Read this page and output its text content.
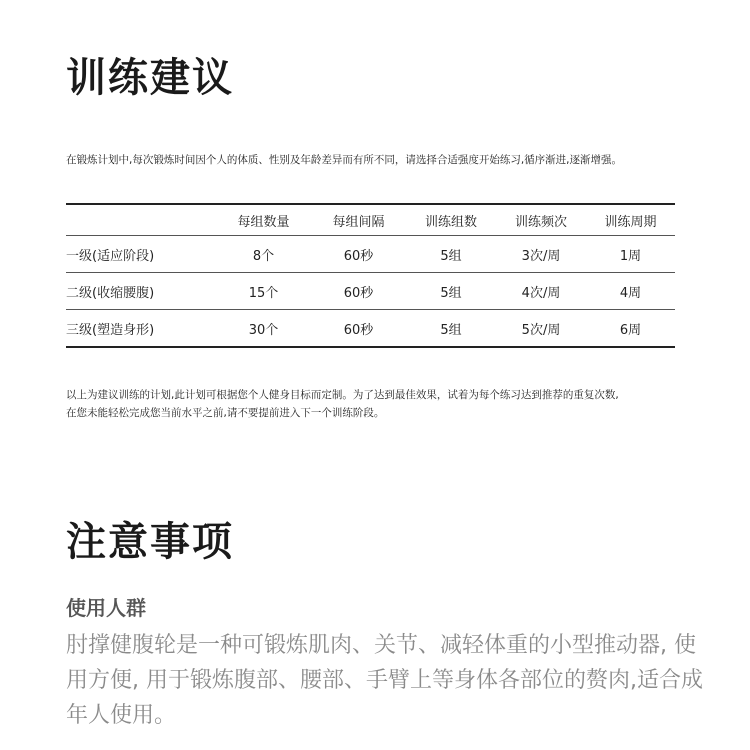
训练建议

在锻炼计划中,每次锻炼时间因个人的体质、性别及年龄差异而有所不同，请选择合适强度开始练习,循序渐进,逐渐增强。

	每组数量	每组间隔	训练组数	训练频次	训练周期
一级(适应阶段)	8个	60秒	5组	3次/周	1周
二级(收缩腰腹)	15个	60秒	5组	4次/周	4周
三级(塑造身形)	30个	60秒	5组	5次/周	6周
以上为建议训练的计划,此计划可根据您个人健身目标而定制。为了达到最佳效果，试着为每个练习达到推荐的重复次数,
在您未能轻松完成您当前水平之前,请不要提前进入下一个训练阶段。
注意事项
使用人群

肘撑健腹轮是一种可锻炼肌肉、关节、减轻体重的小型推动器, 使用方便, 用于锻炼腹部、腰部、手臂上等身体各部位的赘肉,适合成年人使用。
